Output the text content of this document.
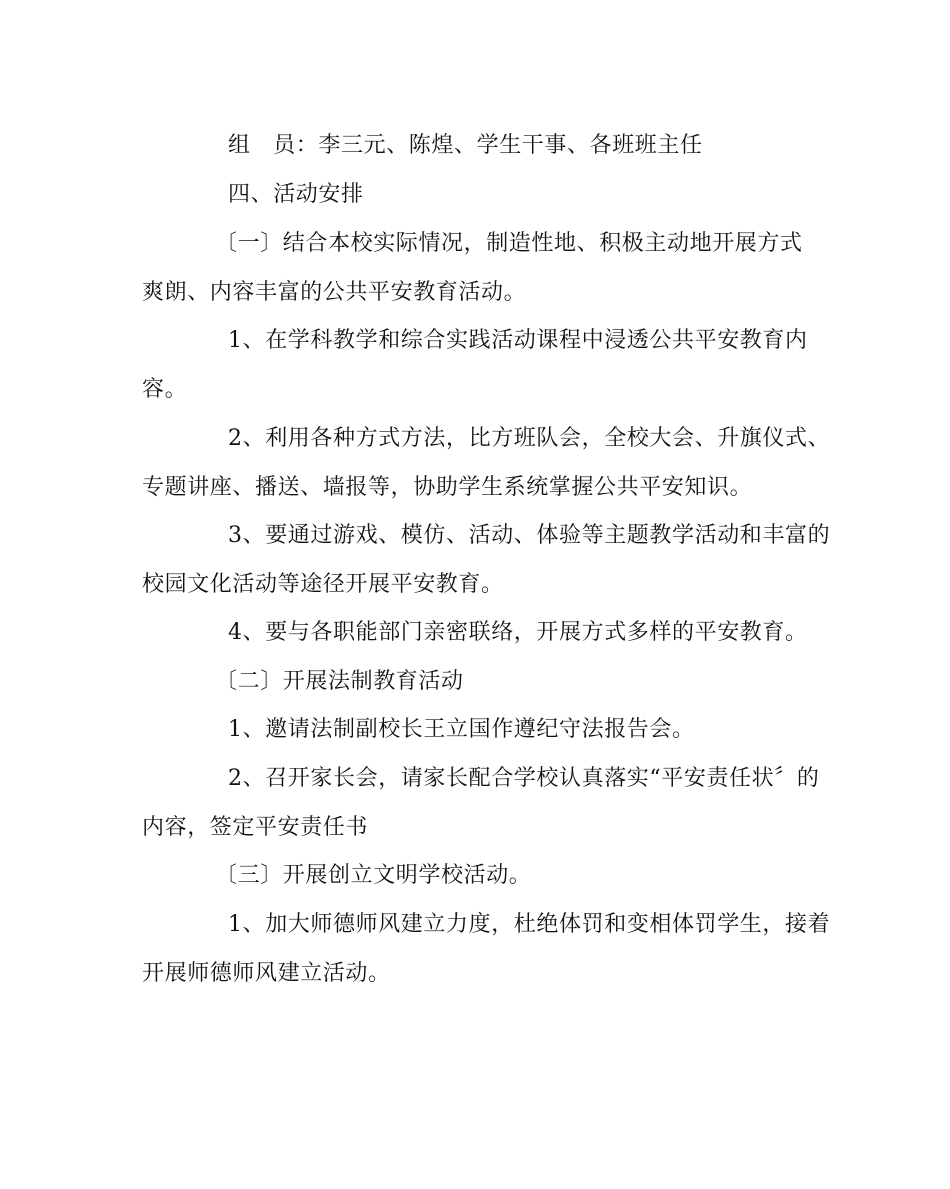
组　员：李三元、陈煌、学生干事、各班班主任
四、活动安排
〔一〕结合本校实际情况，制造性地、积极主动地开展方式
爽朗、内容丰富的公共平安教育活动。
1、在学科教学和综合实践活动课程中浸透公共平安教育内
容。
2、利用各种方式方法，比方班队会，全校大会、升旗仪式、
专题讲座、播送、墙报等，协助学生系统掌握公共平安知识。
3、要通过游戏、模仿、活动、体验等主题教学活动和丰富的
校园文化活动等途径开展平安教育。
4、要与各职能部门亲密联络，开展方式多样的平安教育。
〔二〕开展法制教育活动
1、邀请法制副校长王立国作遵纪守法报告会。
2、召开家长会，请家长配合学校认真落实“平安责任状〞的
内容，签定平安责任书
〔三〕开展创立文明学校活动。
1、加大师德师风建立力度，杜绝体罚和变相体罚学生，接着
开展师德师风建立活动。
